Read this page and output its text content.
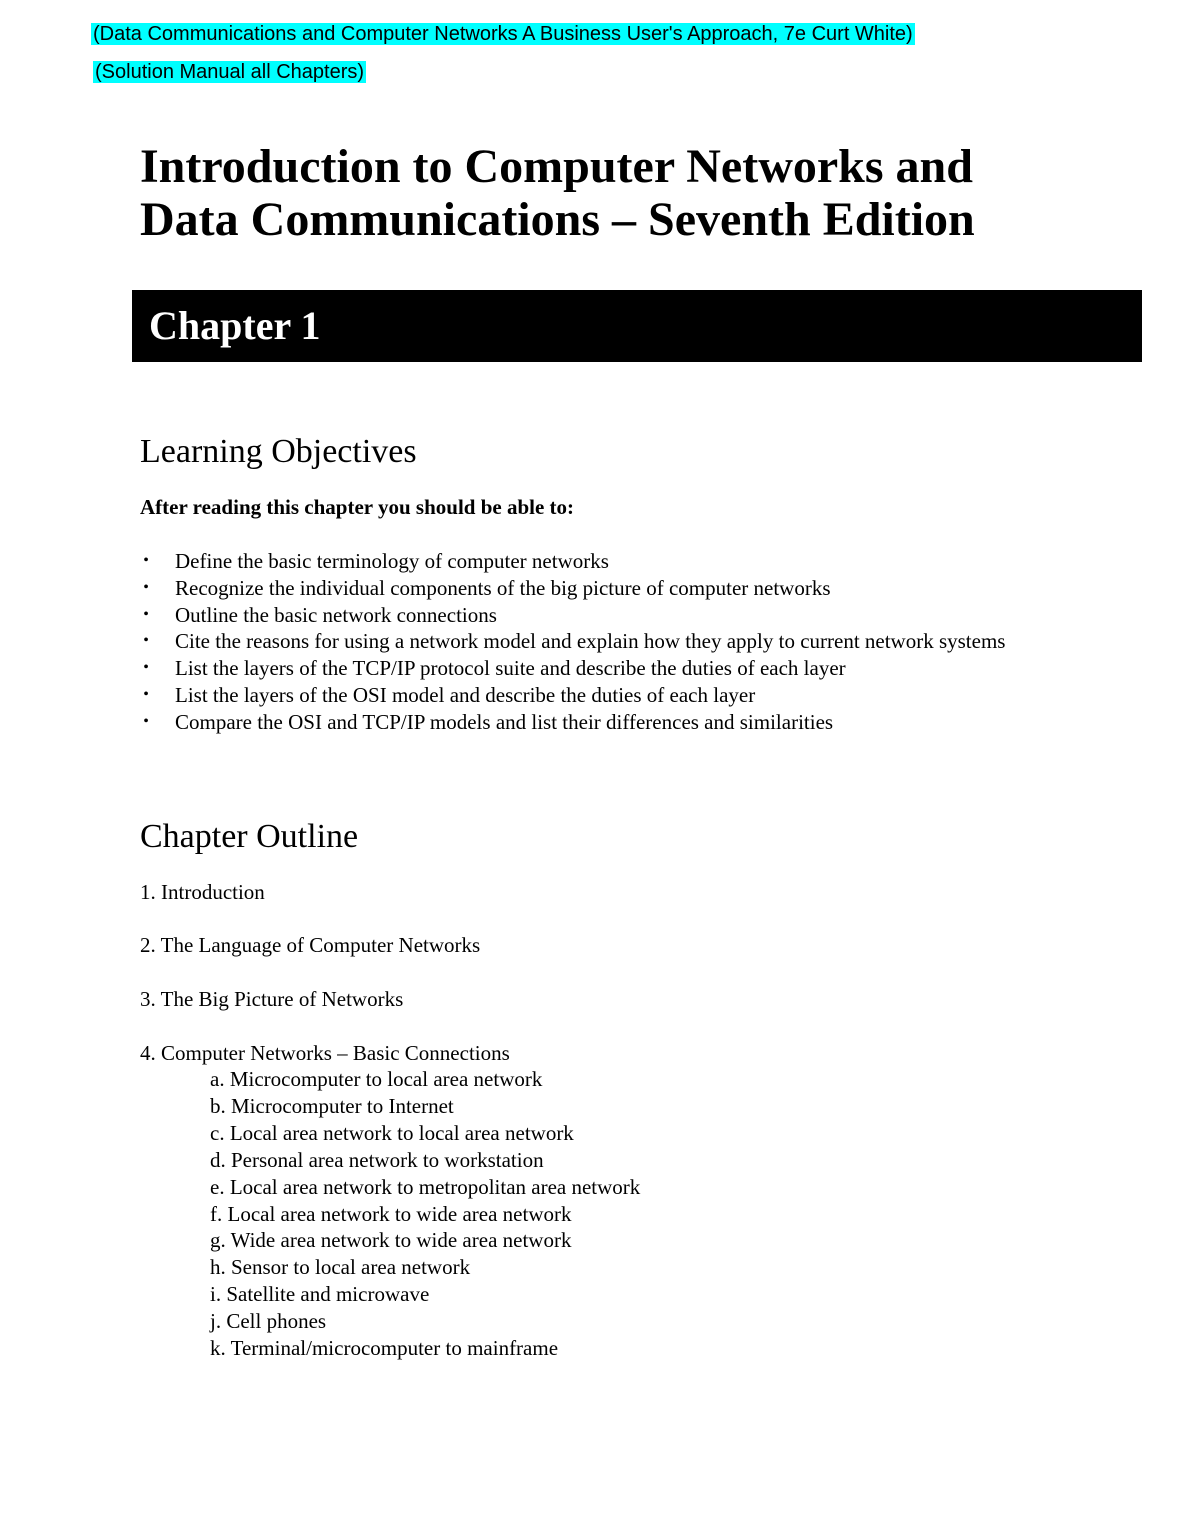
(Data Communications and Computer Networks A Business User's Approach, 7e Curt White)
(Solution Manual all Chapters)
Introduction to Computer Networks and
Data Communications – Seventh Edition
Chapter 1
Learning Objectives

After reading this chapter you should be able to:

• Define the basic terminology of computer networks
• Recognize the individual components of the big picture of computer networks
• Outline the basic network connections
• Cite the reasons for using a network model and explain how they apply to current network systems
• List the layers of the TCP/IP protocol suite and describe the duties of each layer
• List the layers of the OSI model and describe the duties of each layer
• Compare the OSI and TCP/IP models and list their differences and similarities
Chapter Outline
1. Introduction
2. The Language of Computer Networks
3. The Big Picture of Networks
4. Computer Networks – Basic Connections
a. Microcomputer to local area network
b. Microcomputer to Internet
c. Local area network to local area network
d. Personal area network to workstation
e. Local area network to metropolitan area network
f. Local area network to wide area network
g. Wide area network to wide area network
h. Sensor to local area network
i. Satellite and microwave
j. Cell phones
k. Terminal/microcomputer to mainframe
